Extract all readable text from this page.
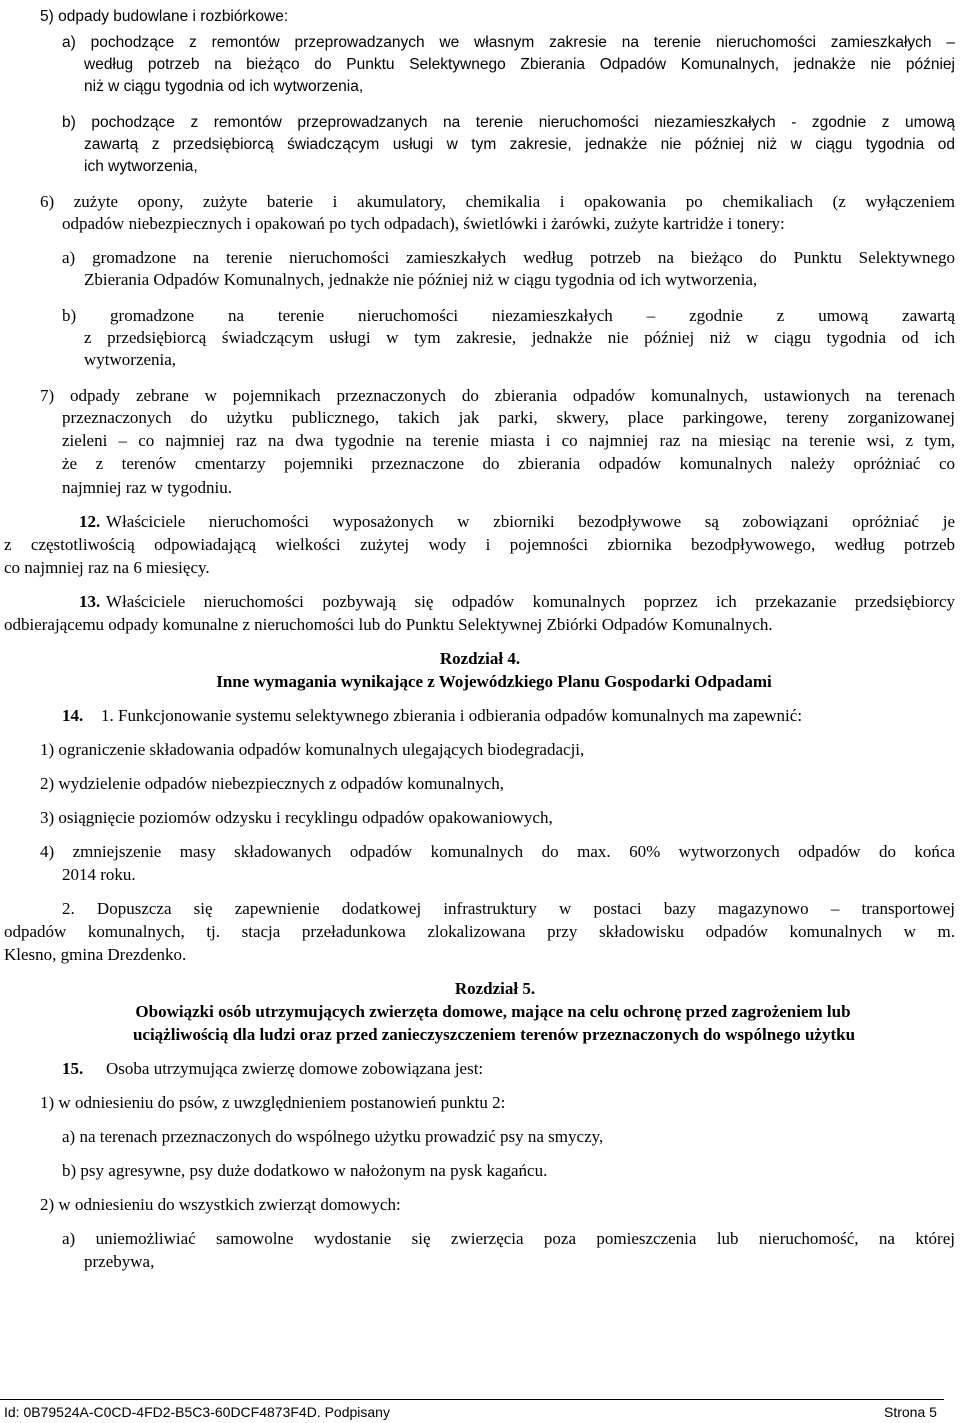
5) odpady budowlane i rozbiórkowe:
a) pochodzące z remontów przeprowadzanych we własnym zakresie na terenie nieruchomości zamieszkałych –
według potrzeb na bieżąco do Punktu Selektywnego Zbierania Odpadów Komunalnych, jednakże nie później
niż w ciągu tygodnia od ich wytworzenia,
b) pochodzące z remontów przeprowadzanych na terenie nieruchomości niezamieszkałych - zgodnie z umową
zawartą z przedsiębiorcą świadczącym usługi w tym zakresie, jednakże nie później niż w ciągu tygodnia od
ich wytworzenia,
6) zużyte opony, zużyte baterie i akumulatory, chemikalia i opakowania po chemikaliach (z wyłączeniem
odpadów niebezpiecznych i opakowań po tych odpadach), świetlówki i żarówki, zużyte kartridże i tonery:
a) gromadzone na terenie nieruchomości zamieszkałych według potrzeb na bieżąco do Punktu Selektywnego
Zbierania Odpadów Komunalnych, jednakże nie później niż w ciągu tygodnia od ich wytworzenia,
b) gromadzone na terenie nieruchomości niezamieszkałych – zgodnie z umową zawartą
z przedsiębiorcą świadczącym usługi w tym zakresie, jednakże nie później niż w ciągu tygodnia od ich
wytworzenia,
7) odpady zebrane w pojemnikach przeznaczonych do zbierania odpadów komunalnych, ustawionych na terenach
przeznaczonych do użytku publicznego, takich jak parki, skwery, place parkingowe, tereny zorganizowanej
zieleni – co najmniej raz na dwa tygodnie na terenie miasta i co najmniej raz na miesiąc na terenie wsi, z tym,
że z terenów cmentarzy pojemniki przeznaczone do zbierania odpadów komunalnych należy opróżniać co
najmniej raz w tygodniu.
12. Właściciele nieruchomości wyposażonych w zbiorniki bezodpływowe są zobowiązani opróżniać je
z częstotliwością odpowiadającą wielkości zużytej wody i pojemności zbiornika bezodpływowego, według potrzeb
co najmniej raz na 6 miesięcy.
13. Właściciele nieruchomości pozbywają się odpadów komunalnych poprzez ich przekazanie przedsiębiorcy
odbierającemu odpady komunalne z nieruchomości lub do Punktu Selektywnej Zbiórki Odpadów Komunalnych.
Rozdział 4.
Inne wymagania wynikające z Wojewódzkiego Planu Gospodarki Odpadami
14. 1. Funkcjonowanie systemu selektywnego zbierania i odbierania odpadów komunalnych ma zapewnić:
1) ograniczenie składowania odpadów komunalnych ulegających biodegradacji,
2) wydzielenie odpadów niebezpiecznych z odpadów komunalnych,
3) osiągnięcie poziomów odzysku i recyklingu odpadów opakowaniowych,
4) zmniejszenie masy składowanych odpadów komunalnych do max. 60% wytworzonych odpadów do końca
2014 roku.
2. Dopuszcza się zapewnienie dodatkowej infrastruktury w postaci bazy magazynowo – transportowej
odpadów komunalnych, tj. stacja przeładunkowa zlokalizowana przy składowisku odpadów komunalnych w m.
Klesno, gmina Drezdenko.
Rozdział 5.
Obowiązki osób utrzymujących zwierzęta domowe, mające na celu ochronę przed zagrożeniem lub
uciążliwością dla ludzi oraz przed zanieczyszczeniem terenów przeznaczonych do wspólnego użytku
15. Osoba utrzymująca zwierzę domowe zobowiązana jest:
1) w odniesieniu do psów, z uwzględnieniem postanowień punktu 2:
a) na terenach przeznaczonych do wspólnego użytku prowadzić psy na smyczy,
b) psy agresywne, psy duże dodatkowo w nałożonym na pysk kagańcu.
2) w odniesieniu do wszystkich zwierząt domowych:
a) uniemożliwiać samowolne wydostanie się zwierzęcia poza pomieszczenia lub nieruchomość, na której
przebywa,
Id: 0B79524A-C0CD-4FD2-B5C3-60DCF4873F4D. Podpisany	Strona 5
